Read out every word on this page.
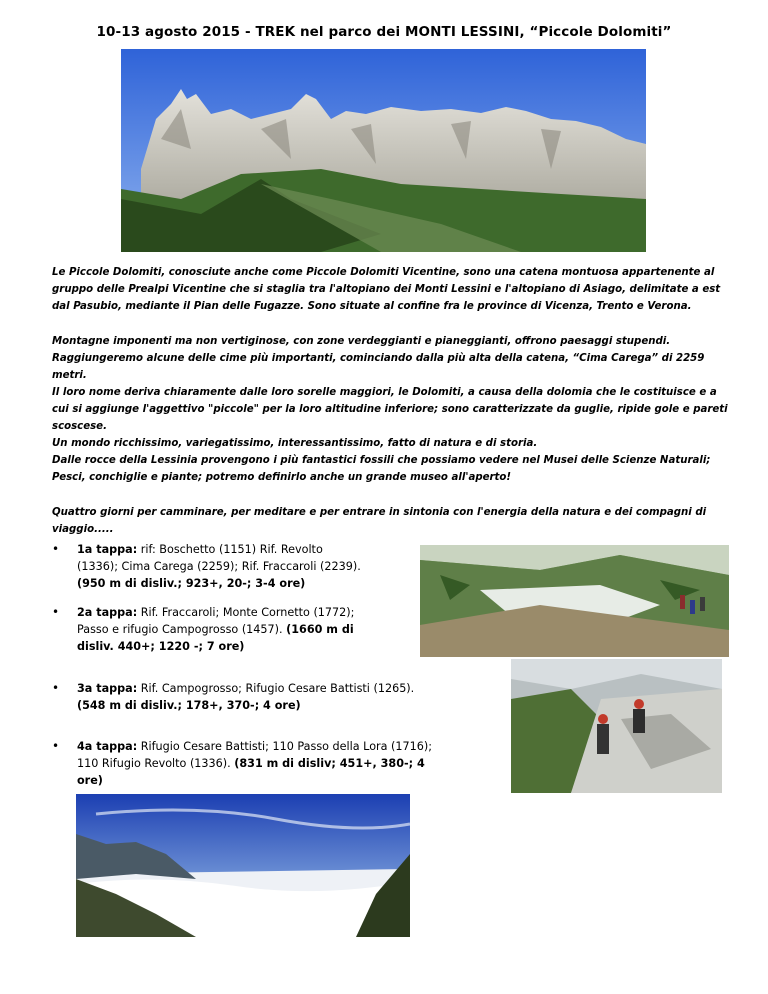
10-13 agosto 2015 - TREK nel parco dei MONTI LESSINI, “Piccole Dolomiti”

Le Piccole Dolomiti, conosciute anche come Piccole Dolomiti Vicentine, sono una catena montuosa appartenente al gruppo delle Prealpi Vicentine che si staglia tra l'altopiano dei Monti Lessini e l'altopiano di Asiago, delimitate a est dal Pasubio, mediante il Pian delle Fugazze. Sono situate al confine fra le province di Vicenza, Trento e Verona.

Montagne imponenti ma non vertiginose, con zone verdeggianti e pianeggianti, offrono paesaggi stupendi. Raggiungeremo alcune delle cime più importanti, cominciando dalla più alta della catena, “Cima Carega” di 2259 metri.

Il loro nome deriva chiaramente dalle loro sorelle maggiori, le Dolomiti, a causa della dolomia che le costituisce e a cui si aggiunge l'aggettivo "piccole" per la loro altitudine inferiore; sono caratterizzate da guglie, ripide gole e pareti scoscese.

Un mondo ricchissimo, variegatissimo, interessantissimo, fatto di natura e di storia.
Dalle rocce della Lessinia provengono i più fantastici fossili che possiamo vedere nel Musei delle Scienze Naturali; Pesci, conchiglie e piante; potremo definirlo anche un grande museo all'aperto!

Quattro giorni per camminare, per meditare e per entrare in sintonia con l'energia della natura e dei compagni di viaggio.....

• 1a tappa: rif: Boschetto (1151) Rif. Revolto
(1336); Cima Carega (2259); Rif. Fraccaroli (2239).
(950 m di disliv.; 923+, 20-; 3-4 ore)
• 2a tappa: Rif. Fraccaroli; Monte Cornetto (1772);
Passo e rifugio Campogrosso (1457). (1660 m di
disliv. 440+; 1220 -; 7 ore)
• 3a tappa: Rif. Campogrosso; Rifugio Cesare Battisti (1265).
(548 m di disliv.; 178+, 370-; 4 ore)
• 4a tappa: Rifugio Cesare Battisti; 110 Passo della Lora (1716);
110 Rifugio Revolto (1336). (831 m di disliv; 451+, 380-; 4
ore)
